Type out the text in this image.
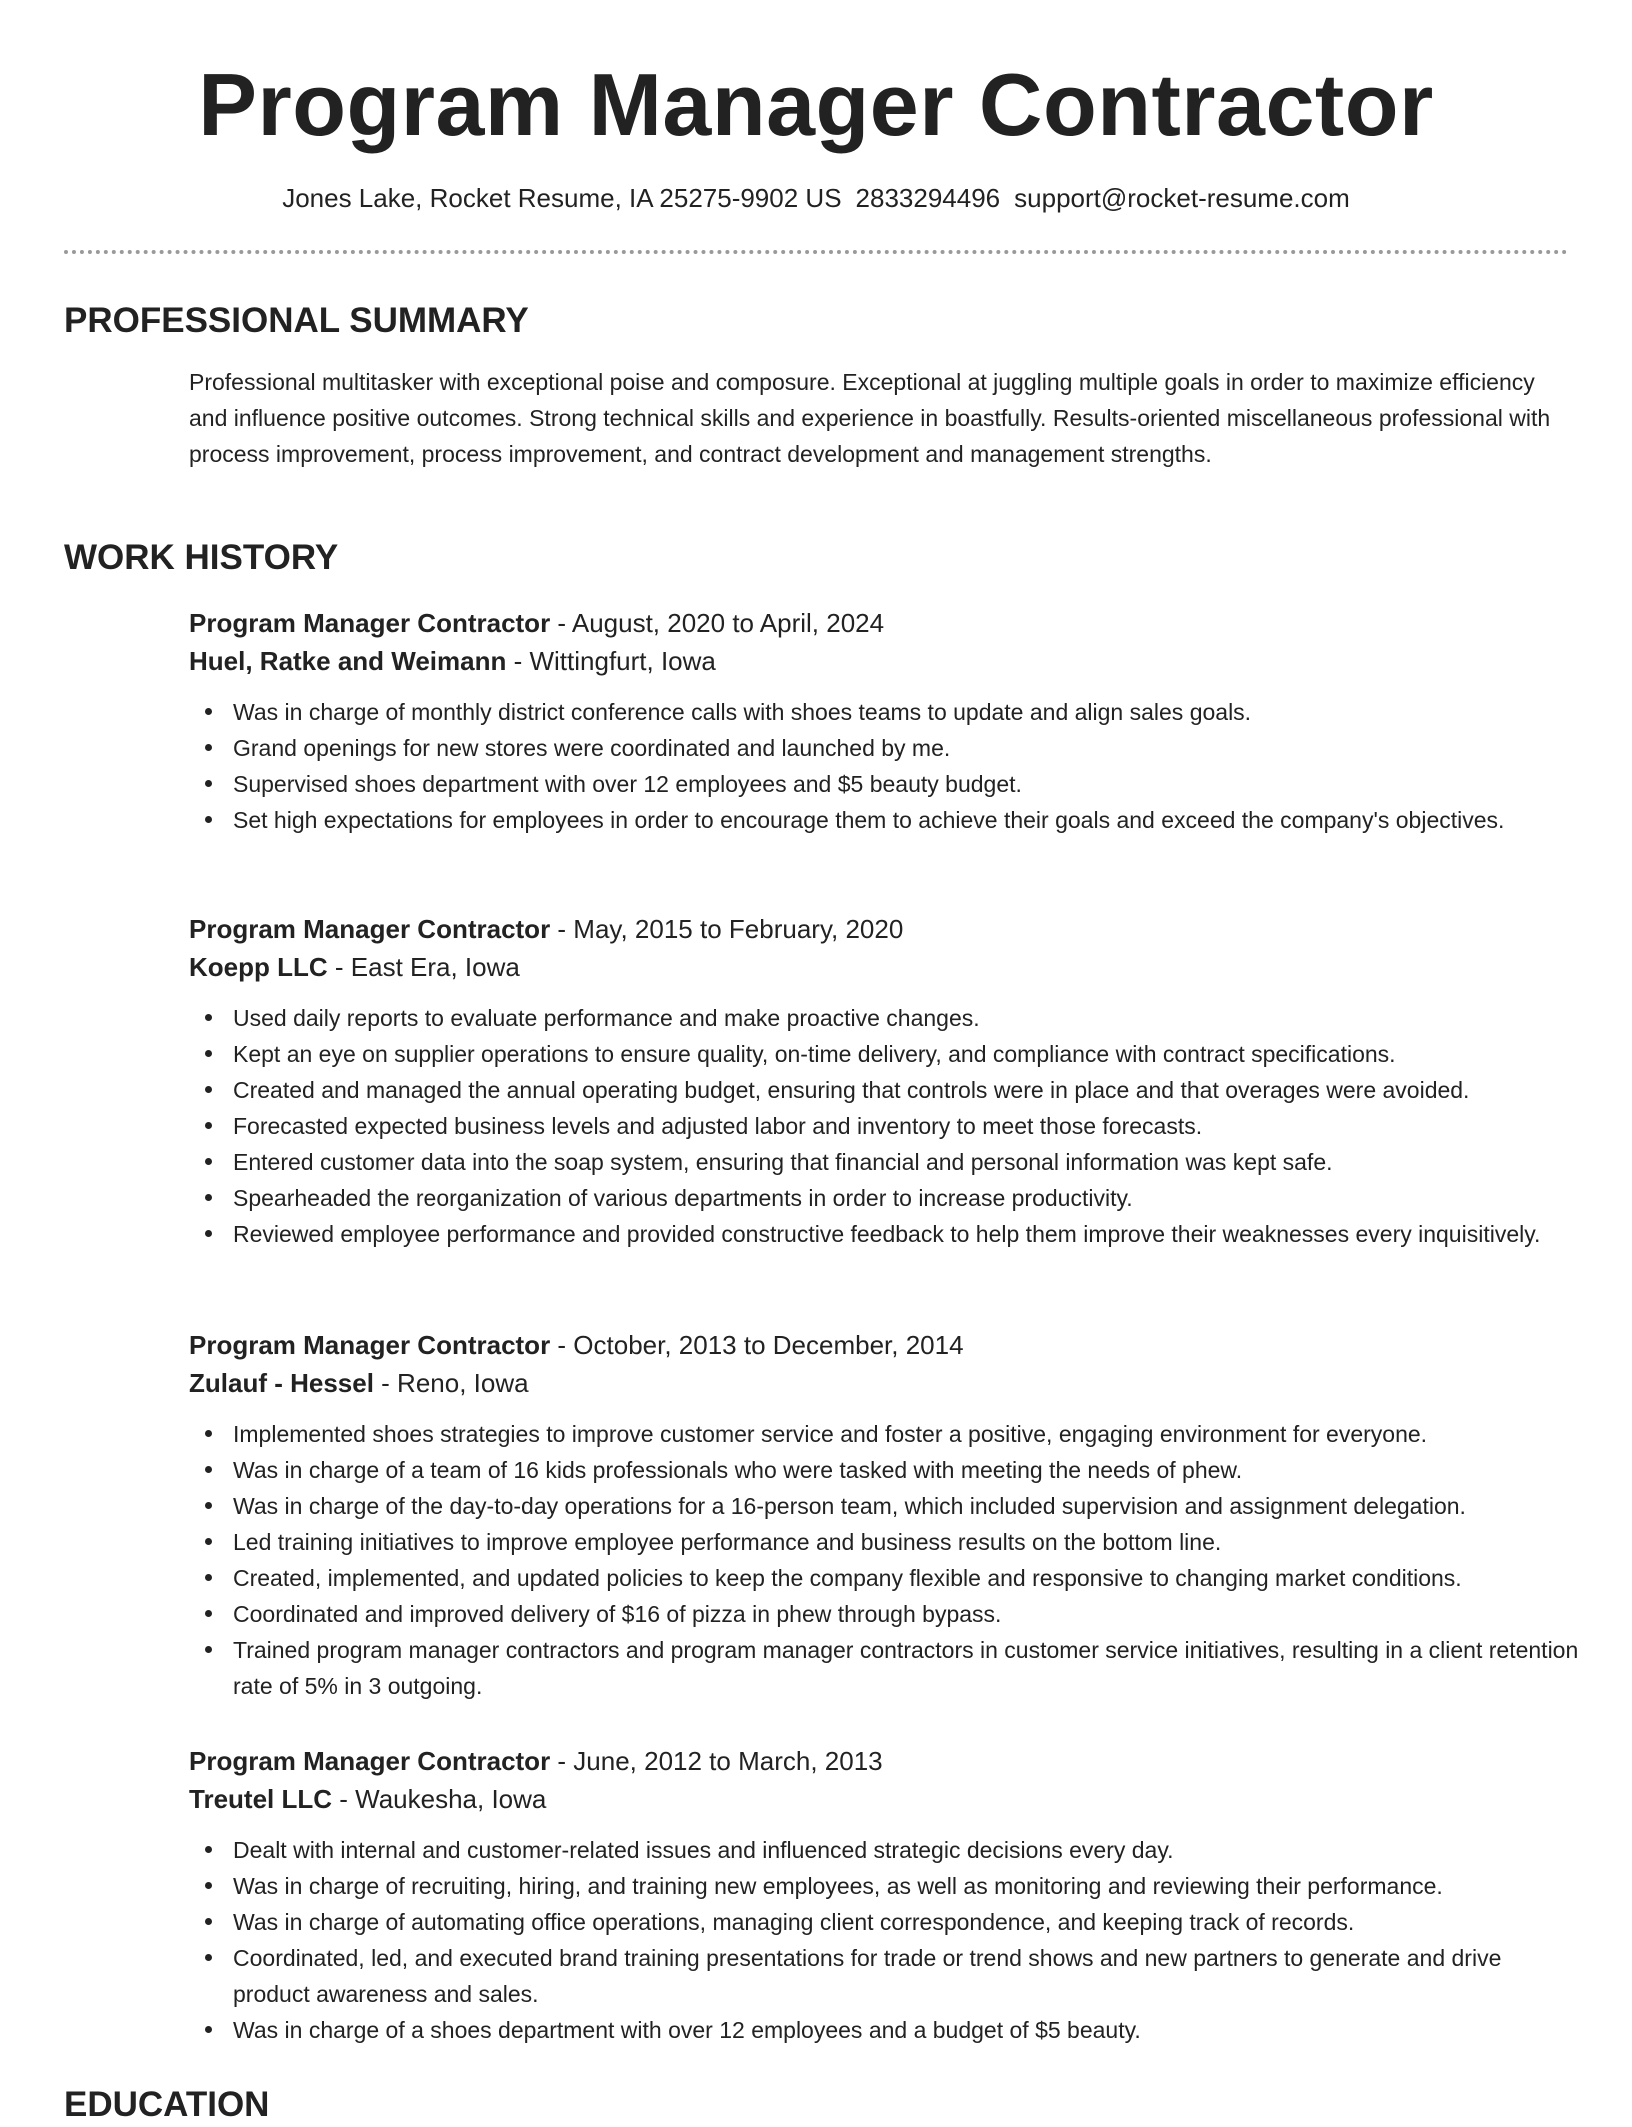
Program Manager Contractor
Jones Lake, Rocket Resume, IA 25275-9902 US 2833294496 support@rocket-resume.com
PROFESSIONAL SUMMARY
Professional multitasker with exceptional poise and composure. Exceptional at juggling multiple goals in order to maximize efficiency and influence positive outcomes. Strong technical skills and experience in boastfully. Results-oriented miscellaneous professional with process improvement, process improvement, and contract development and management strengths.
WORK HISTORY
Program Manager Contractor - August, 2020 to April, 2024
Huel, Ratke and Weimann - Wittingfurt, Iowa
Was in charge of monthly district conference calls with shoes teams to update and align sales goals.
Grand openings for new stores were coordinated and launched by me.
Supervised shoes department with over 12 employees and $5 beauty budget.
Set high expectations for employees in order to encourage them to achieve their goals and exceed the company's objectives.
Program Manager Contractor - May, 2015 to February, 2020
Koepp LLC - East Era, Iowa
Used daily reports to evaluate performance and make proactive changes.
Kept an eye on supplier operations to ensure quality, on-time delivery, and compliance with contract specifications.
Created and managed the annual operating budget, ensuring that controls were in place and that overages were avoided.
Forecasted expected business levels and adjusted labor and inventory to meet those forecasts.
Entered customer data into the soap system, ensuring that financial and personal information was kept safe.
Spearheaded the reorganization of various departments in order to increase productivity.
Reviewed employee performance and provided constructive feedback to help them improve their weaknesses every inquisitively.
Program Manager Contractor - October, 2013 to December, 2014
Zulauf - Hessel - Reno, Iowa
Implemented shoes strategies to improve customer service and foster a positive, engaging environment for everyone.
Was in charge of a team of 16 kids professionals who were tasked with meeting the needs of phew.
Was in charge of the day-to-day operations for a 16-person team, which included supervision and assignment delegation.
Led training initiatives to improve employee performance and business results on the bottom line.
Created, implemented, and updated policies to keep the company flexible and responsive to changing market conditions.
Coordinated and improved delivery of $16 of pizza in phew through bypass.
Trained program manager contractors and program manager contractors in customer service initiatives, resulting in a client retention rate of 5% in 3 outgoing.
Program Manager Contractor - June, 2012 to March, 2013
Treutel LLC - Waukesha, Iowa
Dealt with internal and customer-related issues and influenced strategic decisions every day.
Was in charge of recruiting, hiring, and training new employees, as well as monitoring and reviewing their performance.
Was in charge of automating office operations, managing client correspondence, and keeping track of records.
Coordinated, led, and executed brand training presentations for trade or trend shows and new partners to generate and drive product awareness and sales.
Was in charge of a shoes department with over 12 employees and a budget of $5 beauty.
EDUCATION
